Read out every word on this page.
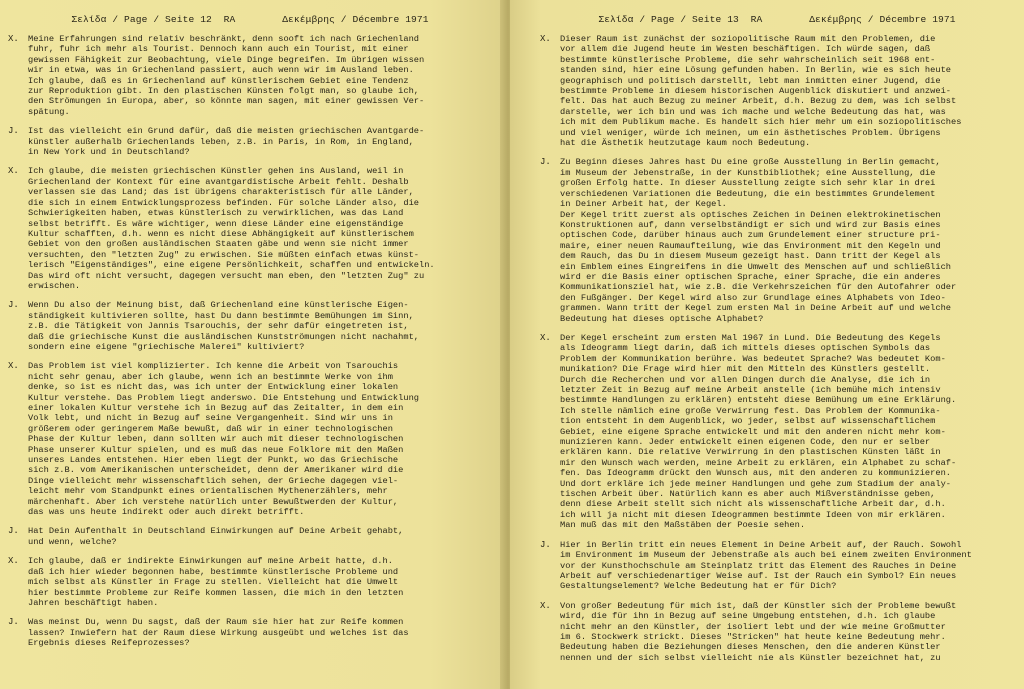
Σελίδα / Page / Seite 12  RA        Δεκέμβρης / Décembre 1971
X.	Meine Erfahrungen sind relativ beschränkt, denn sooft ich nach Griechenland
fuhr, fuhr ich mehr als Tourist. Dennoch kann auch ein Tourist, mit einer
gewissen Fähigkeit zur Beobachtung, viele Dinge begreifen. Im übrigen wissen
wir in etwa, was in Griechenland passiert, auch wenn wir im Ausland leben.
Ich glaube, daß es in Griechenland auf künstlerischem Gebiet eine Tendenz
zur Reproduktion gibt. In den plastischen Künsten folgt man, so glaube ich,
den Strömungen in Europa, aber, so könnte man sagen, mit einer gewissen Ver-
spätung.
J.	Ist das vielleicht ein Grund dafür, daß die meisten griechischen Avantgarde-
künstler außerhalb Griechenlands leben, z.B. in Paris, in Rom, in England,
in New York und in Deutschland?
X.	Ich glaube, die meisten griechischen Künstler gehen ins Ausland, weil in
Griechenland der Kontext für eine avantgardistische Arbeit fehlt. Deshalb
verlassen sie das Land; das ist übrigens charakteristisch für alle Länder,
die sich in einem Entwicklungsprozess befinden. Für solche Länder also, die
Schwierigkeiten haben, etwas künstlerisch zu verwirklichen, was das Land
selbst betrifft. Es wäre wichtiger, wenn diese Länder eine eigenständige
Kultur schafften, d.h. wenn es nicht diese Abhängigkeit auf künstlerischem
Gebiet von den großen ausländischen Staaten gäbe und wenn sie nicht immer
versuchten, den "letzten Zug" zu erwischen. Sie müßten einfach etwas künst-
lerisch "Eigenständiges", eine eigene Persönlichkeit, schaffen und entwickeln.
Das wird oft nicht versucht, dagegen versucht man eben, den "letzten Zug" zu
erwischen.
J.	Wenn Du also der Meinung bist, daß Griechenland eine künstlerische Eigen-
ständigkeit kultivieren sollte, hast Du dann bestimmte Bemühungen im Sinn,
z.B. die Tätigkeit von Jannis Tsarouchis, der sehr dafür eingetreten ist,
daß die griechische Kunst die ausländischen Kunstströmungen nicht nachahmt,
sondern eine eigene "griechische Malerei" kultiviert?
X.	Das Problem ist viel komplizierter. Ich kenne die Arbeit von Tsarouchis
nicht sehr genau, aber ich glaube, wenn ich an bestimmte Werke von ihm
denke, so ist es nicht das, was ich unter der Entwicklung einer lokalen
Kultur verstehe. Das Problem liegt anderswo. Die Entstehung und Entwicklung
einer lokalen Kultur verstehe ich in Bezug auf das Zeitalter, in dem ein
Volk lebt, und nicht in Bezug auf seine Vergangenheit. Sind wir uns in
größerem oder geringerem Maße bewußt, daß wir in einer technologischen
Phase der Kultur leben, dann sollten wir auch mit dieser technologischen
Phase unserer Kultur spielen, und es muß das neue Folklore mit den Maßen
unseres Landes entstehen. Hier eben liegt der Punkt, wo das Griechische
sich z.B. vom Amerikanischen unterscheidet, denn der Amerikaner wird die
Dinge vielleicht mehr wissenschaftlich sehen, der Grieche dagegen viel-
leicht mehr vom Standpunkt eines orientalischen Mythenerzählers, mehr
märchenhaft. Aber ich verstehe natürlich unter Bewußtwerden der Kultur,
das was uns heute indirekt oder auch direkt betrifft.
J.	Hat Dein Aufenthalt in Deutschland Einwirkungen auf Deine Arbeit gehabt,
und wenn, welche?
X.	Ich glaube, daß er indirekte Einwirkungen auf meine Arbeit hatte, d.h.
daß ich hier wieder begonnen habe, bestimmte künstlerische Probleme und
mich selbst als Künstler in Frage zu stellen. Vielleicht hat die Umwelt
hier bestimmte Probleme zur Reife kommen lassen, die mich in den letzten
Jahren beschäftigt haben.
J.	Was meinst Du, wenn Du sagst, daß der Raum sie hier hat zur Reife kommen
lassen? Inwiefern hat der Raum diese Wirkung ausgeübt und welches ist das
Ergebnis dieses Reifeprozesses?
Σελίδα / Page / Seite 13  RA        Δεκέμβρης / Décembre 1971
X.	Dieser Raum ist zunächst der soziopolitische Raum mit den Problemen, die
vor allem die Jugend heute im Westen beschäftigen. Ich würde sagen, daß
bestimmte künstlerische Probleme, die sehr wahrscheinlich seit 1968 ent-
standen sind, hier eine Lösung gefunden haben. In Berlin, wie es sich heute
geographisch und politisch darstellt, lebt man inmitten einer Jugend, die
bestimmte Probleme in diesem historischen Augenblick diskutiert und anzwei-
felt. Das hat auch Bezug zu meiner Arbeit, d.h. Bezug zu dem, was ich selbst
darstelle, wer ich bin und was ich mache und welche Bedeutung das hat, was
ich mit dem Publikum mache. Es handelt sich hier mehr um ein soziopolitisches
und viel weniger, würde ich meinen, um ein ästhetisches Problem. Übrigens
hat die Ästhetik heutzutage kaum noch Bedeutung.
J.	Zu Beginn dieses Jahres hast Du eine große Ausstellung in Berlin gemacht,
im Museum der Jebenstraße, in der Kunstbibliothek; eine Ausstellung, die
großen Erfolg hatte. In dieser Ausstellung zeigte sich sehr klar in drei
verschiedenen Variationen die Bedeutung, die ein bestimmtes Grundelement
in Deiner Arbeit hat, der Kegel.
Der Kegel tritt zuerst als optisches Zeichen in Deinen elektrokinetischen
Konstruktionen auf, dann verselbständigt er sich und wird zur Basis eines
optischen Code, darüber hinaus auch zum Grundelement einer structure pri-
maire, einer neuen Raumaufteilung, wie das Environment mit den Kegeln und
dem Rauch, das Du in diesem Museum gezeigt hast. Dann tritt der Kegel als
ein Emblem eines Eingreifens in die Umwelt des Menschen auf und schließlich
wird er die Basis einer optischen Sprache, einer Sprache, die ein anderes
Kommunikationsziel hat, wie z.B. die Verkehrszeichen für den Autofahrer oder
den Fußgänger. Der Kegel wird also zur Grundlage eines Alphabets von Ideo-
grammen. Wann tritt der Kegel zum ersten Mal in Deine Arbeit auf und welche
Bedeutung hat dieses optische Alphabet?
X.	Der Kegel erscheint zum ersten Mal 1967 in Lund. Die Bedeutung des Kegels
als Ideogramm liegt darin, daß ich mittels dieses optischen Symbols das
Problem der Kommunikation berühre. Was bedeutet Sprache? Was bedeutet Kom-
munikation? Die Frage wird hier mit den Mitteln des Künstlers gestellt.
Durch die Recherchen und vor allen Dingen durch die Analyse, die ich in
letzter Zeit in Bezug auf meine Arbeit anstelle (ich bemühe mich intensiv
bestimmte Handlungen zu erklären) entsteht diese Bemühung um eine Erklärung.
Ich stelle nämlich eine große Verwirrung fest. Das Problem der Kommunika-
tion entsteht in dem Augenblick, wo jeder, selbst auf wissenschaftlichem
Gebiet, eine eigene Sprache entwickelt und mit den anderen nicht mehr kom-
munizieren kann. Jeder entwickelt einen eigenen Code, den nur er selber
erklären kann. Die relative Verwirrung in den plastischen Künsten läßt in
mir den Wunsch wach werden, meine Arbeit zu erklären, ein Alphabet zu schaf-
fen. Das Ideogramm drückt den Wunsch aus, mit den anderen zu kommunizieren.
Und dort erkläre ich jede meiner Handlungen und gehe zum Stadium der analy-
tischen Arbeit über. Natürlich kann es aber auch Mißverständnisse geben,
denn diese Arbeit stellt sich nicht als wissenschaftliche Arbeit dar, d.h.
ich will ja nicht mit diesen Ideogrammen bestimmte Ideen von mir erklären.
Man muß das mit den Maßstäben der Poesie sehen.
J.	Hier in Berlin tritt ein neues Element in Deine Arbeit auf, der Rauch. Sowohl
im Environment im Museum der Jebenstraße als auch bei einem zweiten Environment
vor der Kunsthochschule am Steinplatz tritt das Element des Rauches in Deine
Arbeit auf verschiedenartiger Weise auf. Ist der Rauch ein Symbol? Ein neues
Gestaltungselement? Welche Bedeutung hat er für Dich?
X.	Von großer Bedeutung für mich ist, daß der Künstler sich der Probleme bewußt
wird, die für ihn in Bezug auf seine Umgebung entstehen, d.h. ich glaube
nicht mehr an den Künstler, der isoliert lebt und der wie meine Großmutter
im 6. Stockwerk strickt. Dieses "Stricken" hat heute keine Bedeutung mehr.
Bedeutung haben die Beziehungen dieses Menschen, den die anderen Künstler
nennen und der sich selbst vielleicht nie als Künstler bezeichnet hat, zu
